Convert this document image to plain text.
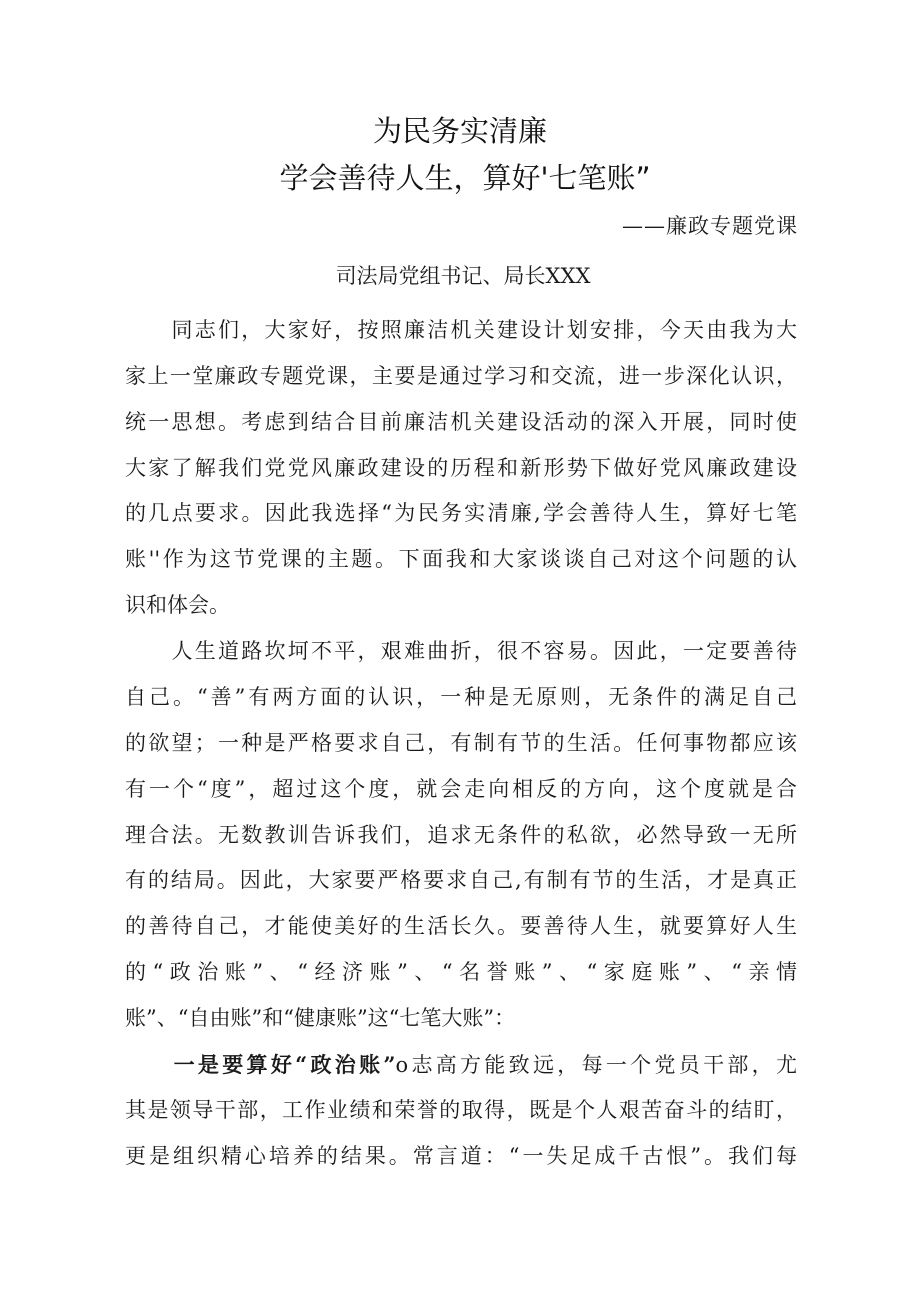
为民务实清廉
学会善待人生，算好'七笔账”
——廉政专题党课
司法局党组书记、局长XXX
　　同志们，大家好，按照廉洁机关建设计划安排，今天由我为大
家上一堂廉政专题党课，主要是通过学习和交流，进一步深化认识，
统一思想。考虑到结合目前廉洁机关建设活动的深入开展，同时使
大家了解我们党党风廉政建设的历程和新形势下做好党风廉政建设
的几点要求。因此我选择“为民务实清廉,学会善待人生，算好七笔
账''作为这节党课的主题。下面我和大家谈谈自己对这个问题的认
识和体会。
　　人生道路坎坷不平，艰难曲折，很不容易。因此，一定要善待
自己。“善”有两方面的认识，一种是无原则，无条件的满足自己
的欲望；一种是严格要求自己，有制有节的生活。任何事物都应该
有一个“度”，超过这个度，就会走向相反的方向，这个度就是合
理合法。无数教训告诉我们，追求无条件的私欲，必然导致一无所
有的结局。因此，大家要严格要求自己,有制有节的生活，才是真正
的善待自己，才能使美好的生活长久。要善待人生，就要算好人生
的“政治账”、“经济账”、“名誉账”、“家庭账”、“亲情
账”、“自由账”和“健康账”这“七笔大账”：
　　一是要算好“政治账”o志高方能致远，每一个党员干部，尤
其是领导干部，工作业绩和荣誉的取得，既是个人艰苦奋斗的结盯，
更是组织精心培养的结果。常言道：“一失足成千古恨”。我们每
